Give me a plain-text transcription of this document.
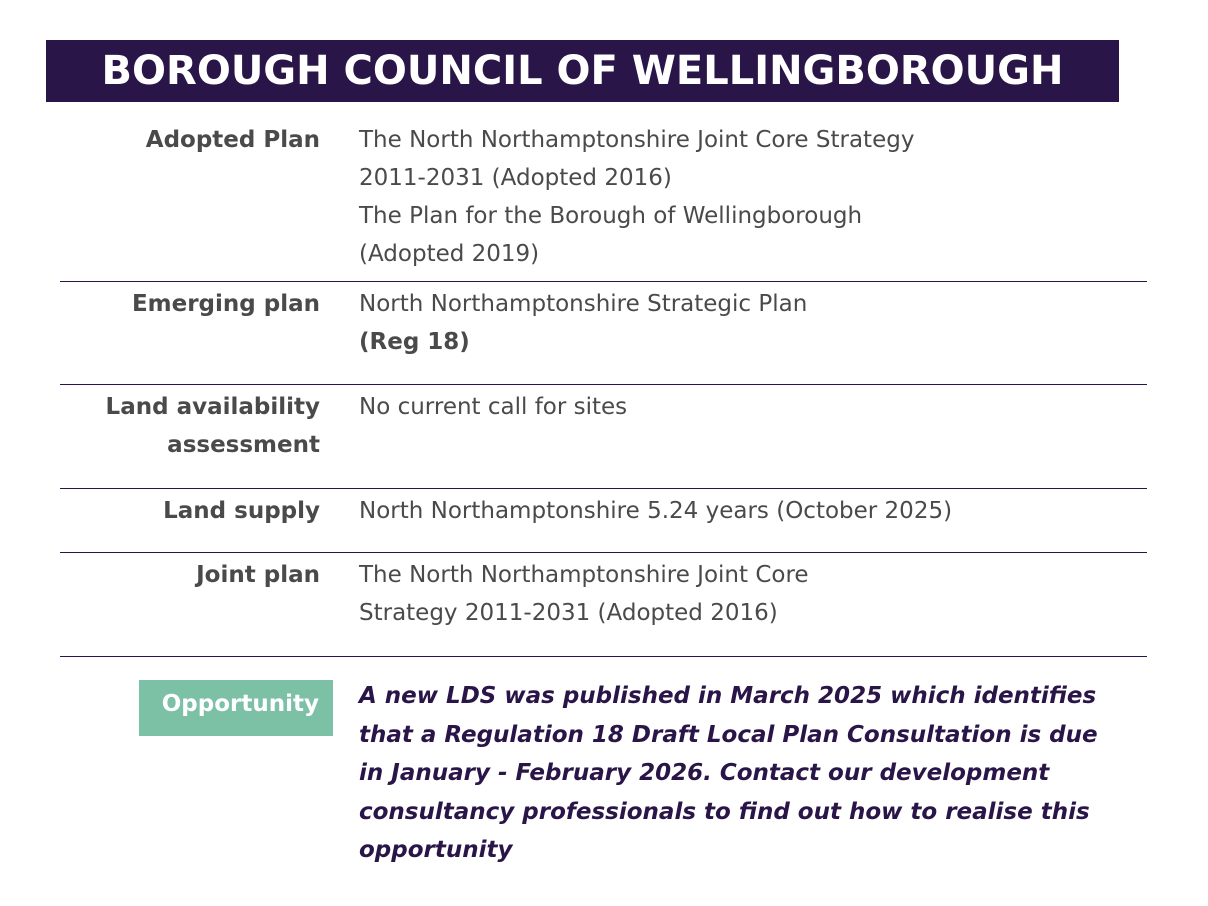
BOROUGH COUNCIL OF WELLINGBOROUGH
Adopted Plan The North Northamptonshire Joint Core Strategy
2011-2031 (Adopted 2016)
The Plan for the Borough of Wellingborough
(Adopted 2019)
Emerging plan North Northamptonshire Strategic Plan
(Reg 18)
Land availability
assessment
No current call for sites
Land supply North Northamptonshire 5.24 years (October 2025)
Joint plan The North Northamptonshire Joint Core
Strategy 2011-2031 (Adopted 2016)
Opportunity	A new LDS was published in March 2025 which identifies
that a Regulation 18 Draft Local Plan Consultation is due
in January - February 2026. Contact our development
consultancy professionals to find out how to realise this
opportunity
